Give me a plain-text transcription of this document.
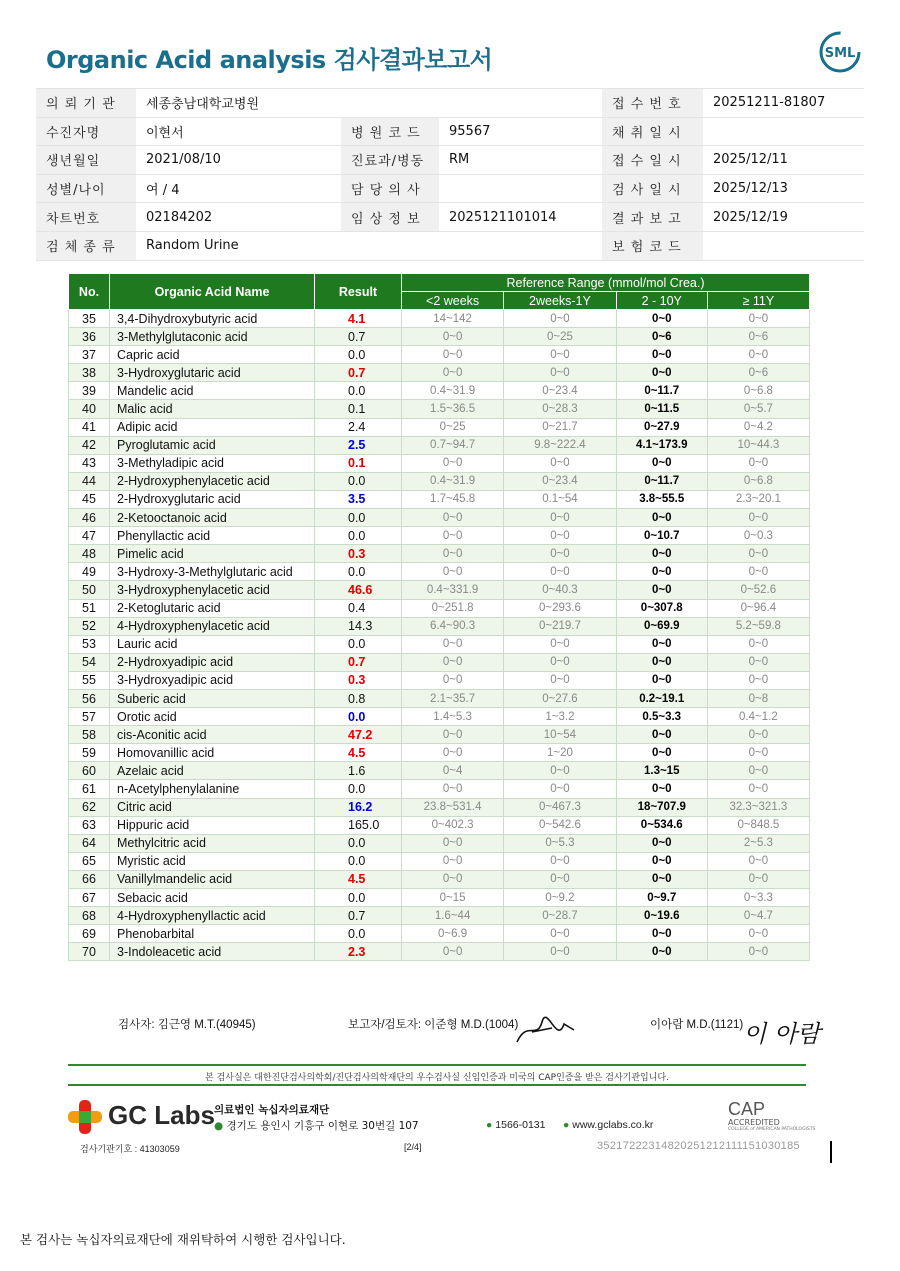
Organic Acid analysis 검사결과보고서	SML
의 뢰 기 관	세종충남대학교병원			접 수 번 호	20251211-81807
수진자명	이현서	병 원 코 드	95567	채 취 일 시	
생년월일	2021/08/10	진료과/병동	RM	접 수 일 시	2025/12/11
성별/나이	여 / 4	담 당 의 사		검 사 일 시	2025/12/13
차트번호	02184202	임 상 정 보	2025121101014	결 과 보 고	2025/12/19
검 체 종 류	Random Urine			보 험 코 드	
No.	Organic Acid Name	Result	Reference Range (mmol/mol Crea.)			
			<2 weeks	2weeks-1Y	2 - 10Y	≥ 11Y
35	3,4-Dihydroxybutyric acid	4.1	14~142	0~0	0~0	0~0
36	3-Methylglutaconic acid	0.7	0~0	0~25	0~6	0~6
37	Capric acid	0.0	0~0	0~0	0~0	0~0
38	3-Hydroxyglutaric acid	0.7	0~0	0~0	0~0	0~6
39	Mandelic acid	0.0	0.4~31.9	0~23.4	0~11.7	0~6.8
40	Malic acid	0.1	1.5~36.5	0~28.3	0~11.5	0~5.7
41	Adipic acid	2.4	0~25	0~21.7	0~27.9	0~4.2
42	Pyroglutamic acid	2.5	0.7~94.7	9.8~222.4	4.1~173.9	10~44.3
43	3-Methyladipic acid	0.1	0~0	0~0	0~0	0~0
44	2-Hydroxyphenylacetic acid	0.0	0.4~31.9	0~23.4	0~11.7	0~6.8
45	2-Hydroxyglutaric acid	3.5	1.7~45.8	0.1~54	3.8~55.5	2.3~20.1
46	2-Ketooctanoic acid	0.0	0~0	0~0	0~0	0~0
47	Phenyllactic acid	0.0	0~0	0~0	0~10.7	0~0.3
48	Pimelic acid	0.3	0~0	0~0	0~0	0~0
49	3-Hydroxy-3-Methylglutaric acid	0.0	0~0	0~0	0~0	0~0
50	3-Hydroxyphenylacetic acid	46.6	0.4~331.9	0~40.3	0~0	0~52.6
51	2-Ketoglutaric acid	0.4	0~251.8	0~293.6	0~307.8	0~96.4
52	4-Hydroxyphenylacetic acid	14.3	6.4~90.3	0~219.7	0~69.9	5.2~59.8
53	Lauric acid	0.0	0~0	0~0	0~0	0~0
54	2-Hydroxyadipic acid	0.7	0~0	0~0	0~0	0~0
55	3-Hydroxyadipic acid	0.3	0~0	0~0	0~0	0~0
56	Suberic acid	0.8	2.1~35.7	0~27.6	0.2~19.1	0~8
57	Orotic acid	0.0	1.4~5.3	1~3.2	0.5~3.3	0.4~1.2
58	cis-Aconitic acid	47.2	0~0	10~54	0~0	0~0
59	Homovanillic acid	4.5	0~0	1~20	0~0	0~0
60	Azelaic acid	1.6	0~4	0~0	1.3~15	0~0
61	n-Acetylphenylalanine	0.0	0~0	0~0	0~0	0~0
62	Citric acid	16.2	23.8~531.4	0~467.3	18~707.9	32.3~321.3
63	Hippuric acid	165.0	0~402.3	0~542.6	0~534.6	0~848.5
64	Methylcitric acid	0.0	0~0	0~5.3	0~0	2~5.3
65	Myristic acid	0.0	0~0	0~0	0~0	0~0
66	Vanillylmandelic acid	4.5	0~0	0~0	0~0	0~0
67	Sebacic acid	0.0	0~15	0~9.2	0~9.7	0~3.3
68	4-Hydroxyphenyllactic acid	0.7	1.6~44	0~28.7	0~19.6	0~4.7
69	Phenobarbital	0.0	0~6.9	0~0	0~0	0~0
70	3-Indoleacetic acid	2.3	0~0	0~0	0~0	0~0
검사자: 김근영 M.T.(40945)	보고자/검토자: 이준형 M.D.(1004)	이아람 M.D.(1121) 이 아람
본 검사실은 대한진단검사의학회/진단검사의학재단의 우수검사실 신임인증과 미국의 CAP인증을 받은 검사기관입니다.
GC Labs 의료법인 녹십자의료재단
● 경기도 용인시 기흥구 이현로 30번길 107	● 1566-0131 ● www.gclabs.co.kr
CAP
ACCREDITED
COLLEGE of AMERICAN PATHOLOGISTS
검사기관기호 : 41303059	[2/4]	35217222314820251212111151030185
본 검사는 녹십자의료재단에 재위탁하여 시행한 검사입니다.
